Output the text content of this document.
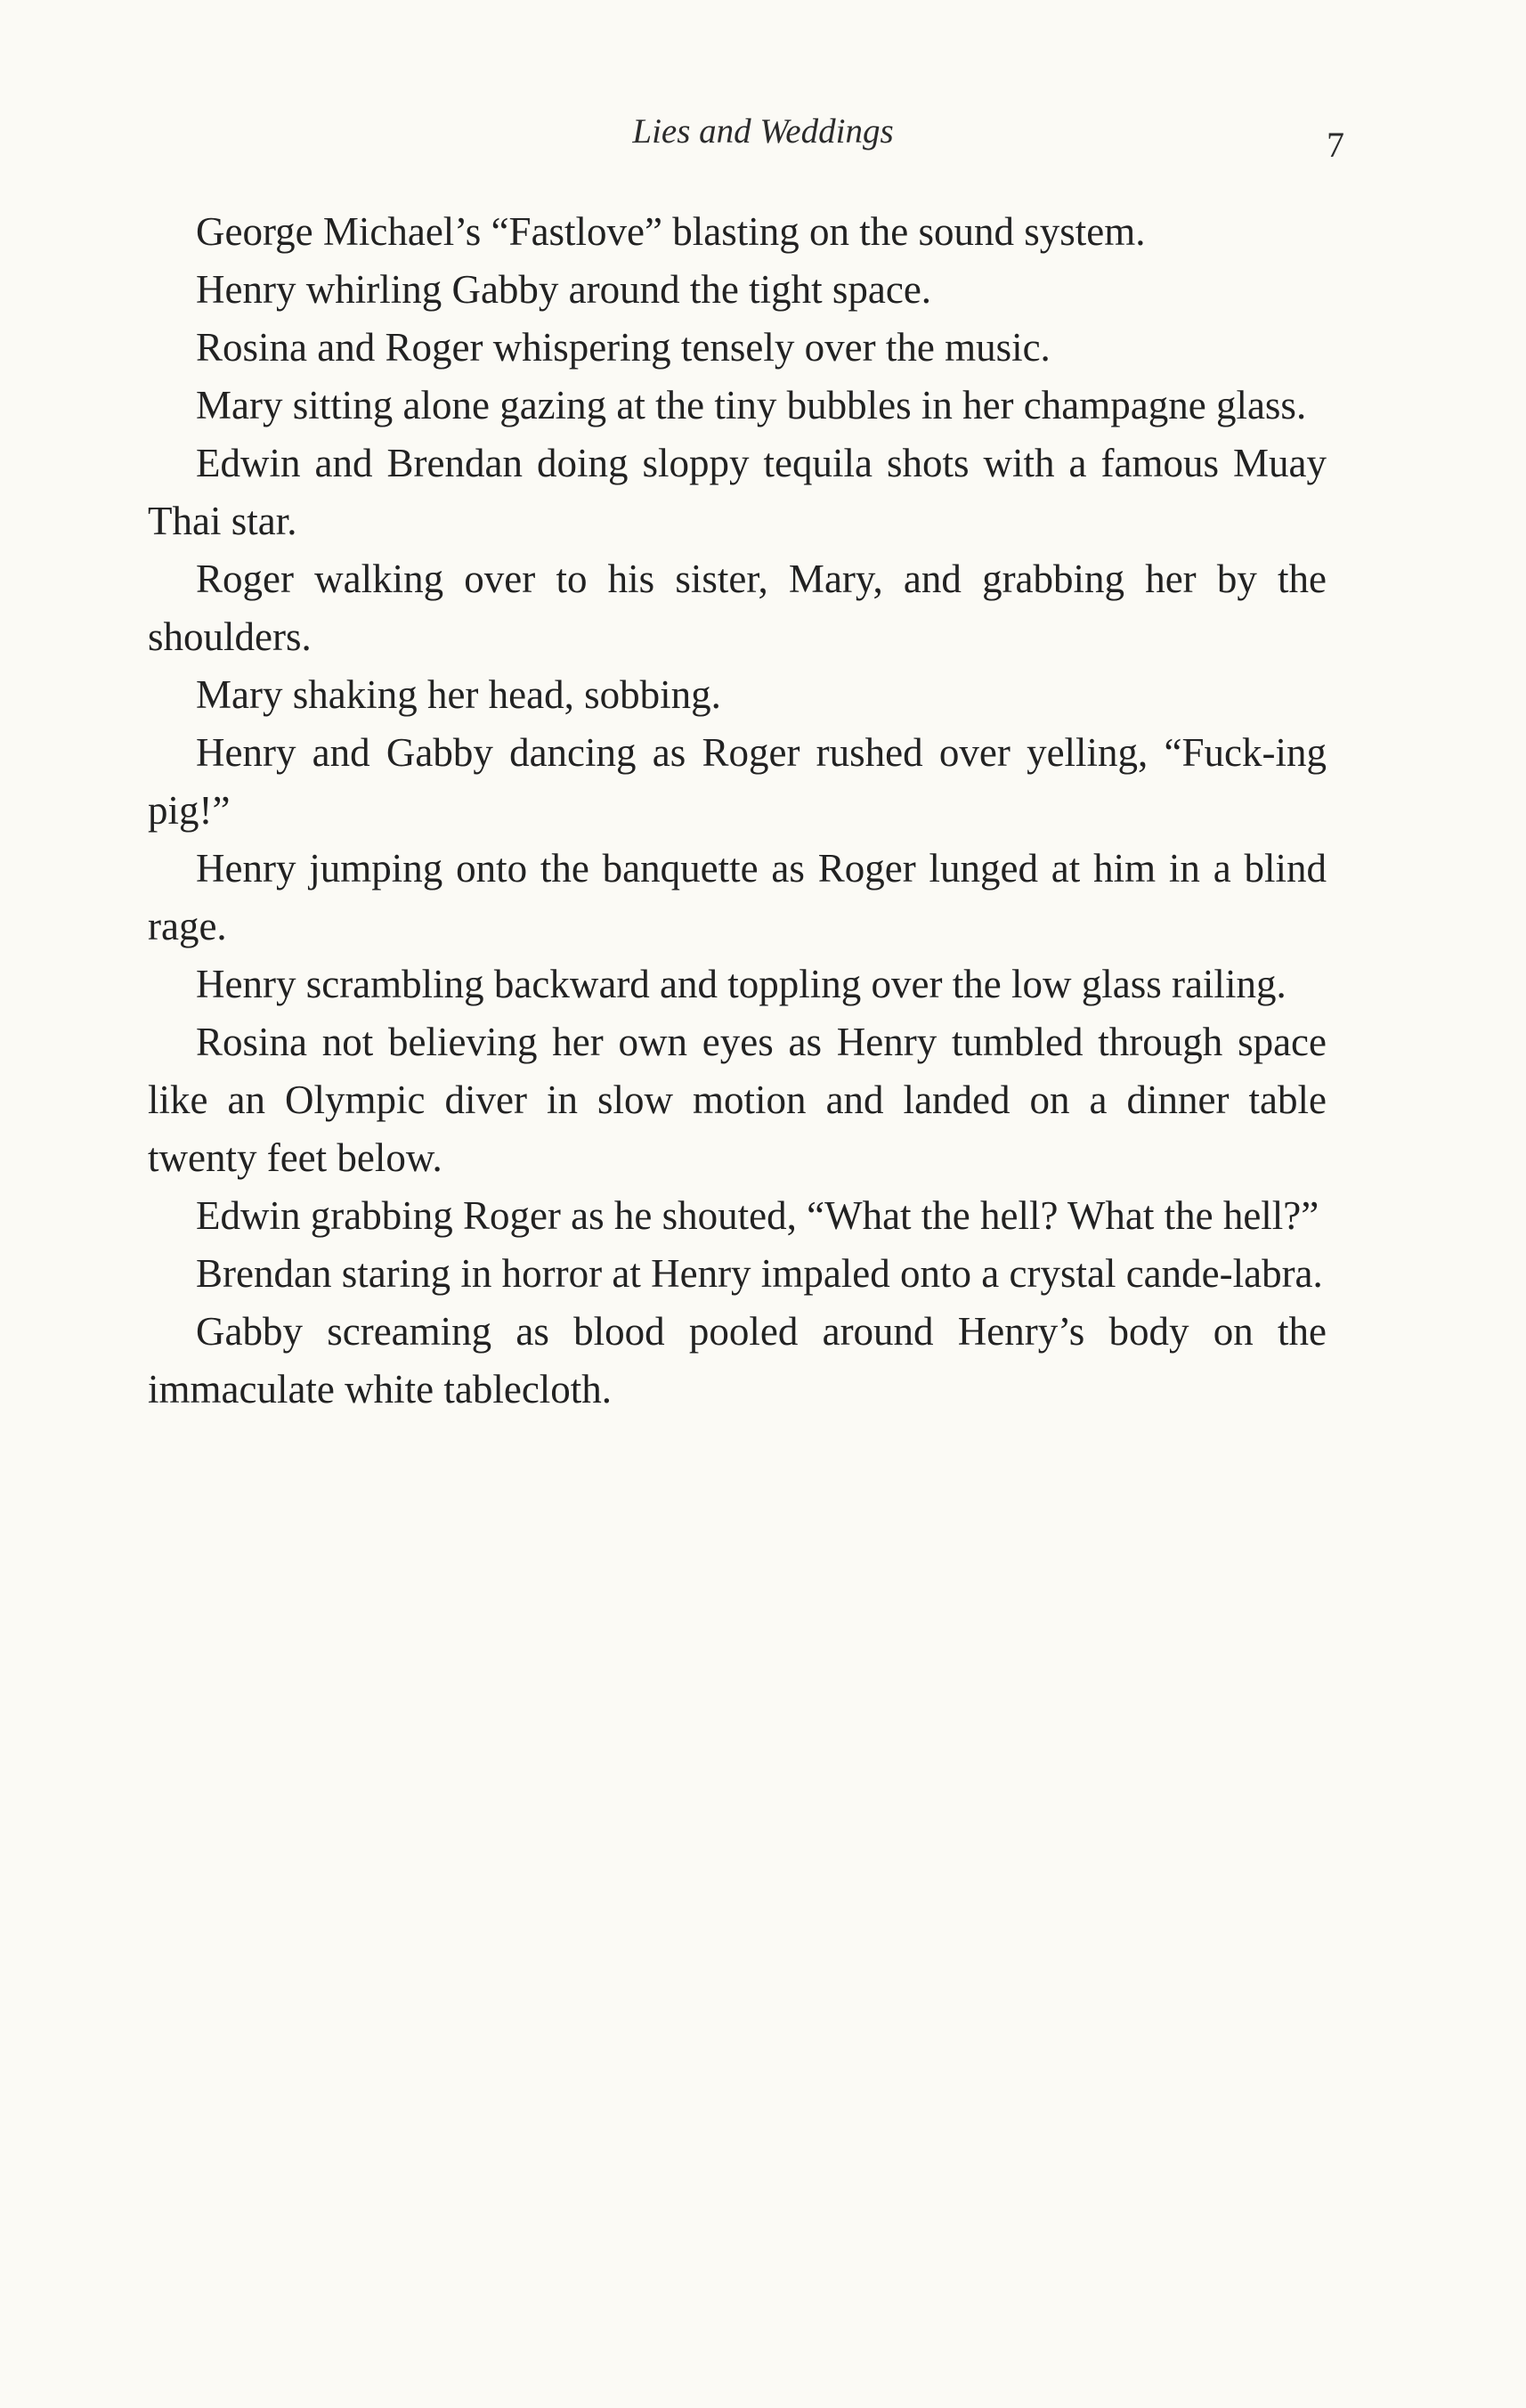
Lies and Weddings	7

George Michael’s “Fastlove” blasting on the sound system.

Henry whirling Gabby around the tight space.

Rosina and Roger whispering tensely over the music.

Mary sitting alone gazing at the tiny bubbles in her champagne glass.

Edwin and Brendan doing sloppy tequila shots with a famous Muay Thai star.

Roger walking over to his sister, Mary, and grabbing her by the shoulders.

Mary shaking her head, sobbing.

Henry and Gabby dancing as Roger rushed over yelling, “Fuck-ing pig!”

Henry jumping onto the banquette as Roger lunged at him in a blind rage.

Henry scrambling backward and toppling over the low glass railing.

Rosina not believing her own eyes as Henry tumbled through space like an Olympic diver in slow motion and landed on a dinner table twenty feet below.

Edwin grabbing Roger as he shouted, “What the hell? What the hell?”

Brendan staring in horror at Henry impaled onto a crystal cande-labra.

Gabby screaming as blood pooled around Henry’s body on the immaculate white tablecloth.
